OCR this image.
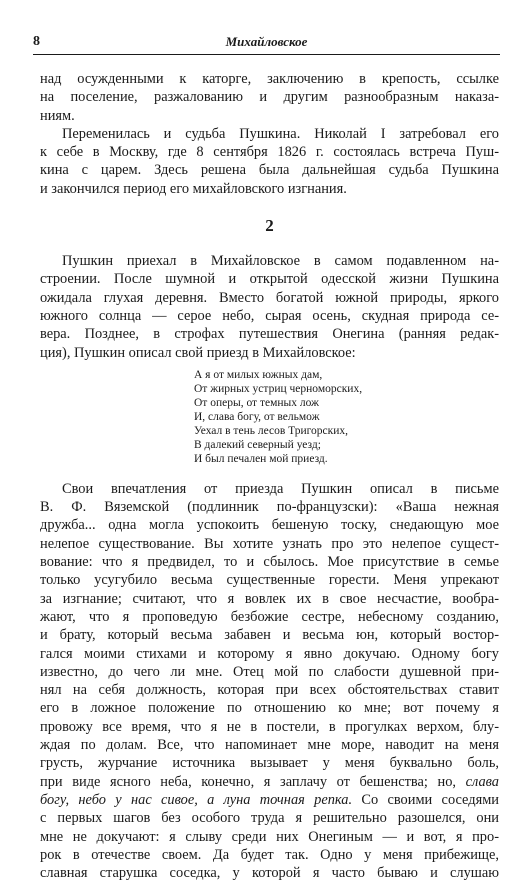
8	Михайловское

над осужденными к каторге, заключению в крепость, ссылке

на поселение, разжалованию и другим разнообразным наказа-

ниям.

Переменилась и судьба Пушкина. Николай I затребовал его

к себе в Москву, где 8 сентября 1826 г. состоялась встреча Пуш-

кина с царем. Здесь решена была дальнейшая судьба Пушкина

и закончился период его михайловского изгнания.

2

Пушкин приехал в Михайловское в самом подавленном на-

строении. После шумной и открытой одесской жизни Пушкина

ожидала глухая деревня. Вместо богатой южной природы, яркого

южного солнца — серое небо, сырая осень, скудная природа се-

вера. Позднее, в строфах путешествия Онегина (ранняя редак-

ция), Пушкин описал свой приезд в Михайловское:

А я от милых южных дам,
От жирных устриц черноморских,
От оперы, от темных лож
И, слава богу, от вельмож
Уехал в тень лесов Тригорских,
В далекий северный уезд;
И был печален мой приезд.

Свои впечатления от приезда Пушкин описал в письме

В. Ф. Вяземской (подлинник по-французски): «Ваша нежная

дружба... одна могла успокоить бешеную тоску, снедающую мое

нелепое существование. Вы хотите узнать про это нелепое сущест-

вование: что я предвидел, то и сбылось. Мое присутствие в семье

только усугубило весьма существенные горести. Меня упрекают

за изгнание; считают, что я вовлек их в свое несчастие, вообра-

жают, что я проповедую безбожие сестре, небесному созданию,

и брату, который весьма забавен и весьма юн, который востор-

гался моими стихами и которому я явно докучаю. Одному богу

известно, до чего ли мне. Отец мой по слабости душевной при-

нял на себя должность, которая при всех обстоятельствах ставит

его в ложное положение по отношению ко мне; вот почему я

провожу все время, что я не в постели, в прогулках верхом, блу-

ждая по долам. Все, что напоминает мне море, наводит на меня

грусть, журчание источника вызывает у меня буквально боль,

при виде ясного неба, конечно, я заплачу от бешенства; но, слава

богу, небо у нас сивое, а луна точная репка. Со своими соседями

с первых шагов без особого труда я решительно разошелся, они

мне не докучают: я слыву среди них Онегиным — и вот, я про-

рок в отечестве своем. Да будет так. Одно у меня прибежище,

славная старушка соседка, у которой я часто бываю и слушаю
